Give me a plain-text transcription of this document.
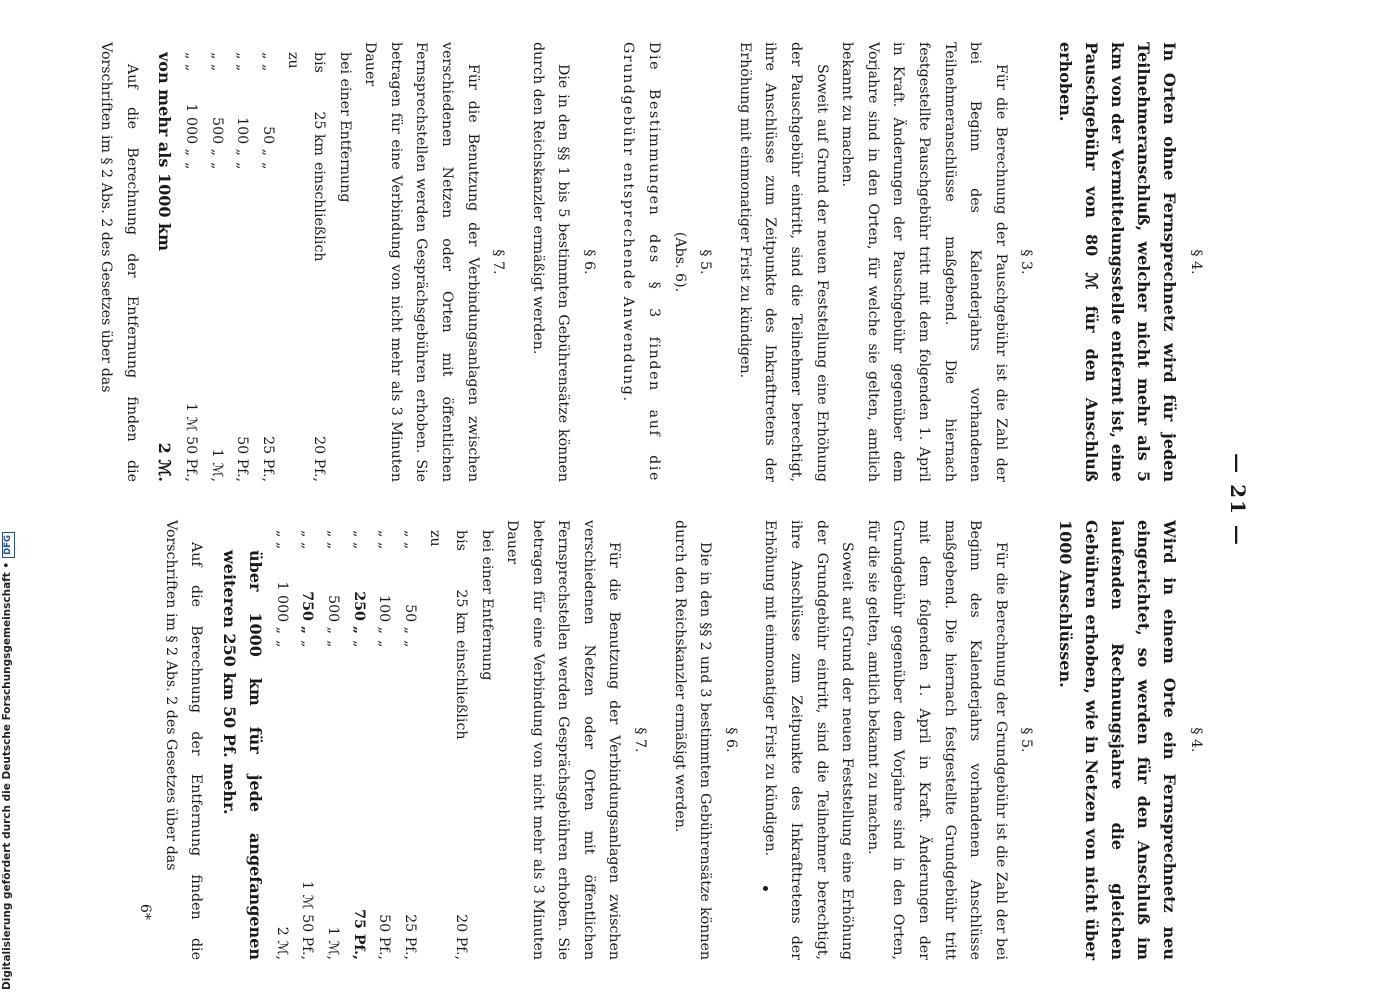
— 21 —

§ 4.

In Orten ohne Fernsprechnetz wird für jeden Teilnehmeranschluß, welcher nicht mehr als 5 km von der Vermittelungsstelle entfernt ist, eine Pauschgebühr von 80 ℳ für den Anschluß erhoben.

§ 3.

Für die Berechnung der Pauschgebühr ist die Zahl der bei Beginn des Kalenderjahrs vorhandenen Teilnehmeranschlüsse maßgebend. Die hiernach festgestellte Pauschgebühr tritt mit dem folgenden 1. April in Kraft. Änderungen der Pauschgebühr gegenüber dem Vorjahre sind in den Orten, für welche sie gelten, amtlich bekannt zu machen.

Soweit auf Grund der neuen Feststellung eine Erhöhung der Pauschgebühr eintritt, sind die Teilnehmer berechtigt, ihre Anschlüsse zum Zeitpunkte des Inkrafttretens der Erhöhung mit einmonatiger Frist zu kündigen.

§ 5.

(Abs. 6).

Die Bestimmungen des § 3 finden auf die Grundgebühr entsprechende Anwendung.

§ 6.

Die in den §§ 1 bis 5 bestimmten Gebührensätze können durch den Reichskanzler ermäßigt werden.

§ 7.

Für die Benutzung der Verbindungsanlagen zwischen verschiedenen Netzen oder Orten mit öffentlichen Fernsprechstellen werden Gesprächsgebühren erhoben. Sie betragen für eine Verbindung von nicht mehr als 3 Minuten Dauer

bei einer Entfernung

bis zu
25 km
einschließlich
20 Pf.,
„ „
50 „
„
25 Pf.,
„ „
100 „
„
50 Pf.,
„ „
500 „
„
1 ℳ,
„ „
1 000 „
„
1 ℳ 50 Pf.,
von mehr als 1000 km
2 ℳ.

Auf die Berechnung der Entfernung finden die Vorschriften im § 2 Abs. 2 des Gesetzes über das

§ 4.

Wird in einem Orte ein Fernsprechnetz neu eingerichtet, so werden für den Anschluß im laufenden Rechnungsjahre die gleichen Gebühren erhoben, wie in Netzen von nicht über 1000 Anschlüssen.

§ 5.

Für die Berechnung der Grundgebühr ist die Zahl der bei Beginn des Kalenderjahrs vorhandenen Anschlüsse maßgebend. Die hiernach festgestellte Grundgebühr tritt mit dem folgenden 1. April in Kraft. Änderungen der Grundgebühr gegenüber dem Vorjahre sind in den Orten, für die sie gelten, amtlich bekannt zu machen.

Soweit auf Grund der neuen Feststellung eine Erhöhung der Grundgebühr eintritt, sind die Teilnehmer berechtigt, ihre Anschlüsse zum Zeitpunkte des Inkrafttretens der Erhöhung mit einmonatiger Frist zu kündigen.

§ 6.

Die in den §§ 2 und 3 bestimmten Gebührensätze können durch den Reichskanzler ermäßigt werden.

§ 7.

Für die Benutzung der Verbindungsanlagen zwischen verschiedenen Netzen oder Orten mit öffentlichen Fernsprechstellen werden Gesprächsgebühren erhoben. Sie betragen für eine Verbindung von nicht mehr als 3 Minuten Dauer

bei einer Entfernung

bis zu
25 km
einschließlich
20 Pf.,
„ „
50 „
„
25 Pf.,
„ „
100 „
„
50 Pf.,
„ „
250 „
„
75 Pf.,
„ „
500 „
„
1 ℳ,
„ „
750 „
„
1 ℳ 50 Pf.,
„ „
1 000 „
„
2 ℳ,

über 1000 km für jede angefangenen weiteren 250 km 50 Pf. mehr.

Auf die Berechnung der Entfernung finden die Vorschriften im § 2 Abs. 2 des Gesetzes über das

6*

Digitalisierung gefördert durch die Deutsche Forschungsgemeinschaft •DFG
